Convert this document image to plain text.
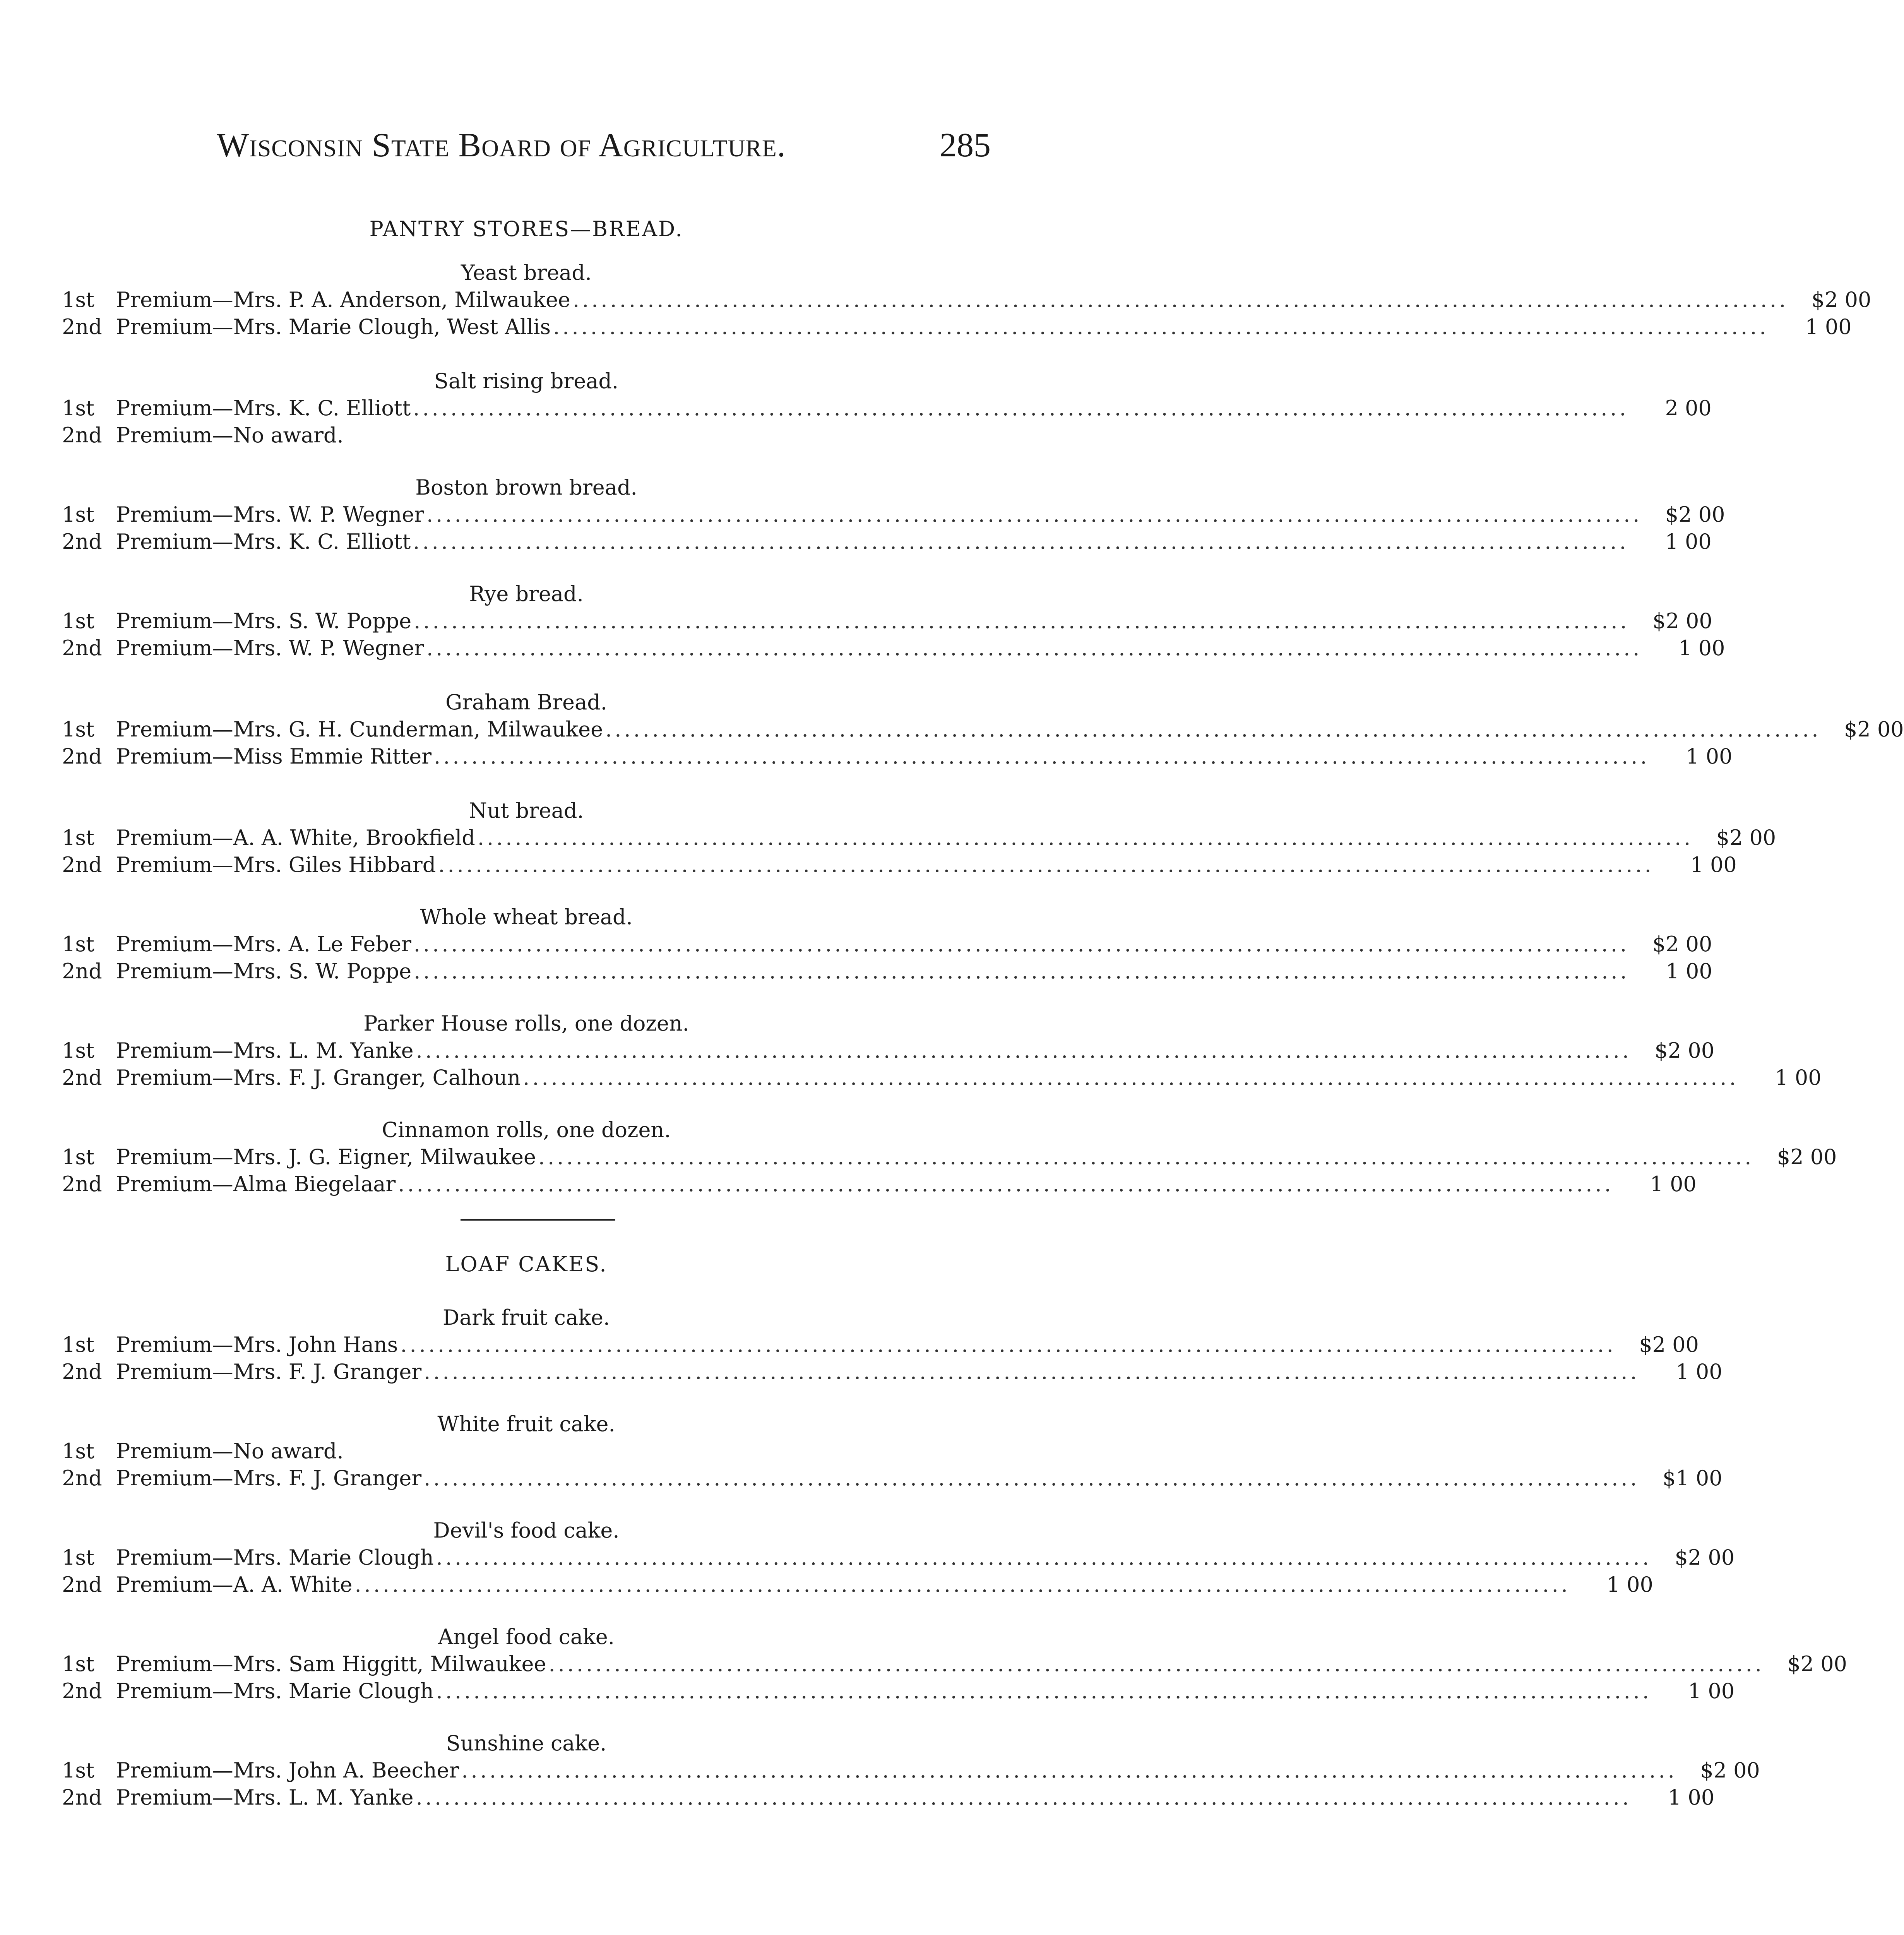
Wisconsin State Board of Agriculture.	285
PANTRY STORES—BREAD.
Yeast bread.
1st	Premium—Mrs. P. A. Anderson, Milwaukee ..................................................................................................................................	$2 00
2nd Premium—Mrs. Marie Clough, West Allis ..................................................................................................................................	1 00
Salt rising bread.
1st	Premium—Mrs. K. C. Elliott ..................................................................................................................................	2 00
2nd Premium—No award.
Boston brown bread.
1st	Premium—Mrs. W. P. Wegner ..................................................................................................................................	$2 00
2nd Premium—Mrs. K. C. Elliott ..................................................................................................................................	1 00
Rye bread.
1st	Premium—Mrs. S. W. Poppe ..................................................................................................................................	$2 00
2nd Premium—Mrs. W. P. Wegner ..................................................................................................................................	1 00
Graham Bread.
1st	Premium—Mrs. G. H. Cunderman, Milwaukee ..................................................................................................................................	$2 00
2nd Premium—Miss Emmie Ritter ..................................................................................................................................	1 00
Nut bread.
1st	Premium—A. A. White, Brookfield ..................................................................................................................................	$2 00
2nd Premium—Mrs. Giles Hibbard ..................................................................................................................................	1 00
Whole wheat bread.
1st	Premium—Mrs. A. Le Feber ..................................................................................................................................	$2 00
2nd Premium—Mrs. S. W. Poppe ..................................................................................................................................	1 00
Parker House rolls, one dozen.
1st	Premium—Mrs. L. M. Yanke ..................................................................................................................................	$2 00
2nd Premium—Mrs. F. J. Granger, Calhoun ..................................................................................................................................	1 00
Cinnamon rolls, one dozen.
1st	Premium—Mrs. J. G. Eigner, Milwaukee ..................................................................................................................................	$2 00
2nd Premium—Alma Biegelaar ..................................................................................................................................	1 00
LOAF CAKES.
Dark fruit cake.
1st	Premium—Mrs. John Hans ..................................................................................................................................	$2 00
2nd Premium—Mrs. F. J. Granger ..................................................................................................................................	1 00
White fruit cake.
1st	Premium—No award.
2nd Premium—Mrs. F. J. Granger ..................................................................................................................................	$1 00
Devil's food cake.
1st	Premium—Mrs. Marie Clough ..................................................................................................................................	$2 00
2nd Premium—A. A. White ..................................................................................................................................	1 00
Angel food cake.
1st	Premium—Mrs. Sam Higgitt, Milwaukee ..................................................................................................................................	$2 00
2nd Premium—Mrs. Marie Clough ..................................................................................................................................	1 00
Sunshine cake.
1st	Premium—Mrs. John A. Beecher ..................................................................................................................................	$2 00
2nd Premium—Mrs. L. M. Yanke ..................................................................................................................................	1 00
